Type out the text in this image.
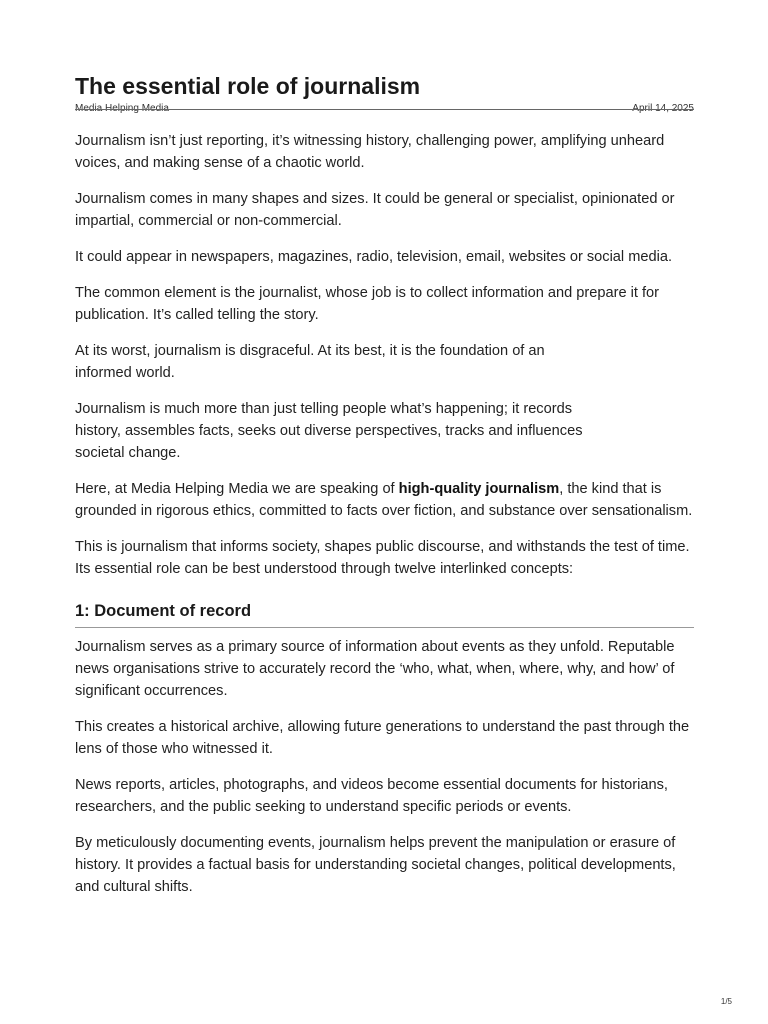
The essential role of journalism
Media Helping Media	April 14, 2025

Journalism isn’t just reporting, it’s witnessing history, challenging power, amplifying unheard voices, and making sense of a chaotic world.

Journalism comes in many shapes and sizes. It could be general or specialist, opinionated or impartial, commercial or non-commercial.

It could appear in newspapers, magazines, radio, television, email, websites or social media.

The common element is the journalist, whose job is to collect information and prepare it for publication. It’s called telling the story.

At its worst, journalism is disgraceful. At its best, it is the foundation of an informed world.

Journalism is much more than just telling people what’s happening; it records history, assembles facts, seeks out diverse perspectives, tracks and influences societal change.

Here, at Media Helping Media we are speaking of high-quality journalism, the kind that is grounded in rigorous ethics, committed to facts over fiction, and substance over sensationalism.

This is journalism that informs society, shapes public discourse, and withstands the test of time. Its essential role can be best understood through twelve interlinked concepts:

1: Document of record

Journalism serves as a primary source of information about events as they unfold. Reputable news organisations strive to accurately record the ‘who, what, when, where, why, and how’ of significant occurrences.

This creates a historical archive, allowing future generations to understand the past through the lens of those who witnessed it.

News reports, articles, photographs, and videos become essential documents for historians, researchers, and the public seeking to understand specific periods or events.

By meticulously documenting events, journalism helps prevent the manipulation or erasure of history. It provides a factual basis for understanding societal changes, political developments, and cultural shifts.

1/5
